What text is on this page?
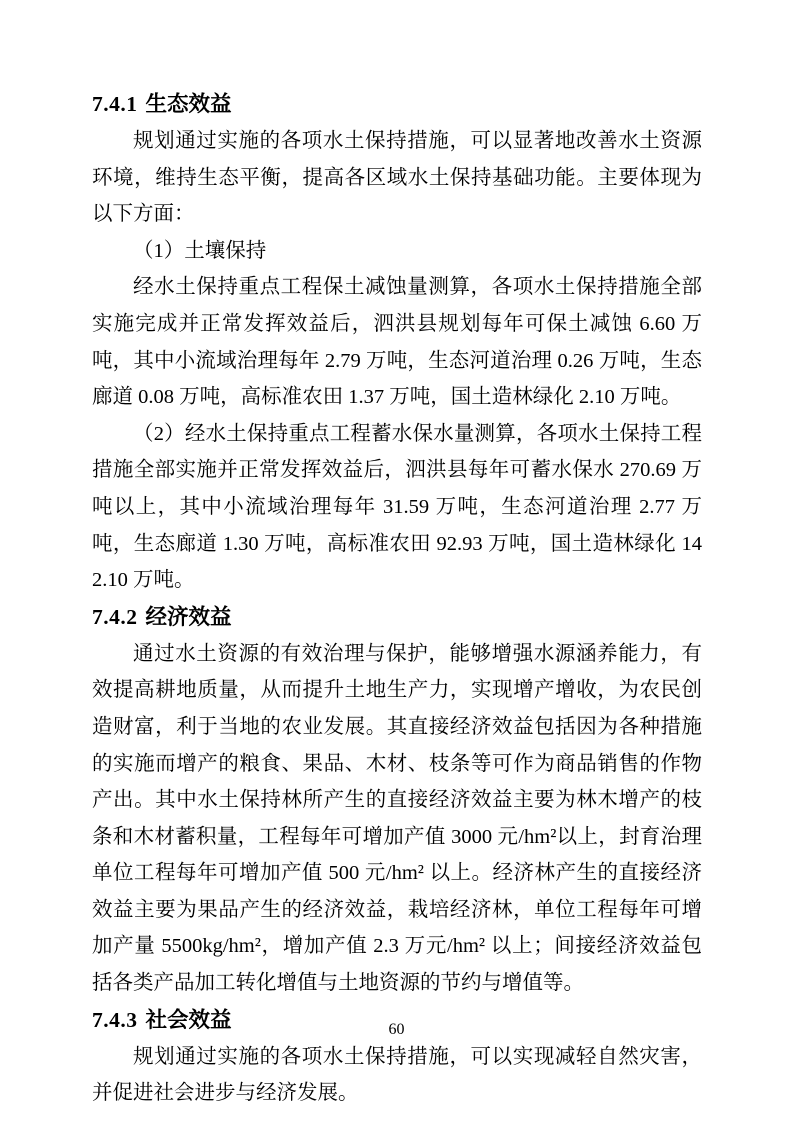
7.4.1 生态效益

规划通过实施的各项水土保持措施，可以显著地改善水土资源环境，维持生态平衡，提高各区域水土保持基础功能。主要体现为以下方面：

（1）土壤保持

经水土保持重点工程保土减蚀量测算，各项水土保持措施全部实施完成并正常发挥效益后，泗洪县规划每年可保土减蚀 6.60 万吨，其中小流域治理每年 2.79 万吨，生态河道治理 0.26 万吨，生态廊道 0.08 万吨，高标准农田 1.37 万吨，国土造林绿化 2.10 万吨。

（2）经水土保持重点工程蓄水保水量测算，各项水土保持工程措施全部实施并正常发挥效益后，泗洪县每年可蓄水保水 270.69 万吨以上，其中小流域治理每年 31.59 万吨，生态河道治理 2.77 万吨，生态廊道 1.30 万吨，高标准农田 92.93 万吨，国土造林绿化 142.10 万吨。

7.4.2 经济效益

通过水土资源的有效治理与保护，能够增强水源涵养能力，有效提高耕地质量，从而提升土地生产力，实现增产增收，为农民创造财富，利于当地的农业发展。其直接经济效益包括因为各种措施的实施而增产的粮食、果品、木材、枝条等可作为商品销售的作物产出。其中水土保持林所产生的直接经济效益主要为林木增产的枝条和木材蓄积量，工程每年可增加产值 3000 元/hm²以上，封育治理单位工程每年可增加产值 500 元/hm² 以上。经济林产生的直接经济效益主要为果品产生的经济效益，栽培经济林，单位工程每年可增加产量 5500kg/hm²，增加产值 2.3 万元/hm² 以上；间接经济效益包括各类产品加工转化增值与土地资源的节约与增值等。

7.4.3 社会效益

规划通过实施的各项水土保持措施，可以实现减轻自然灾害，并促进社会进步与经济发展。

60
